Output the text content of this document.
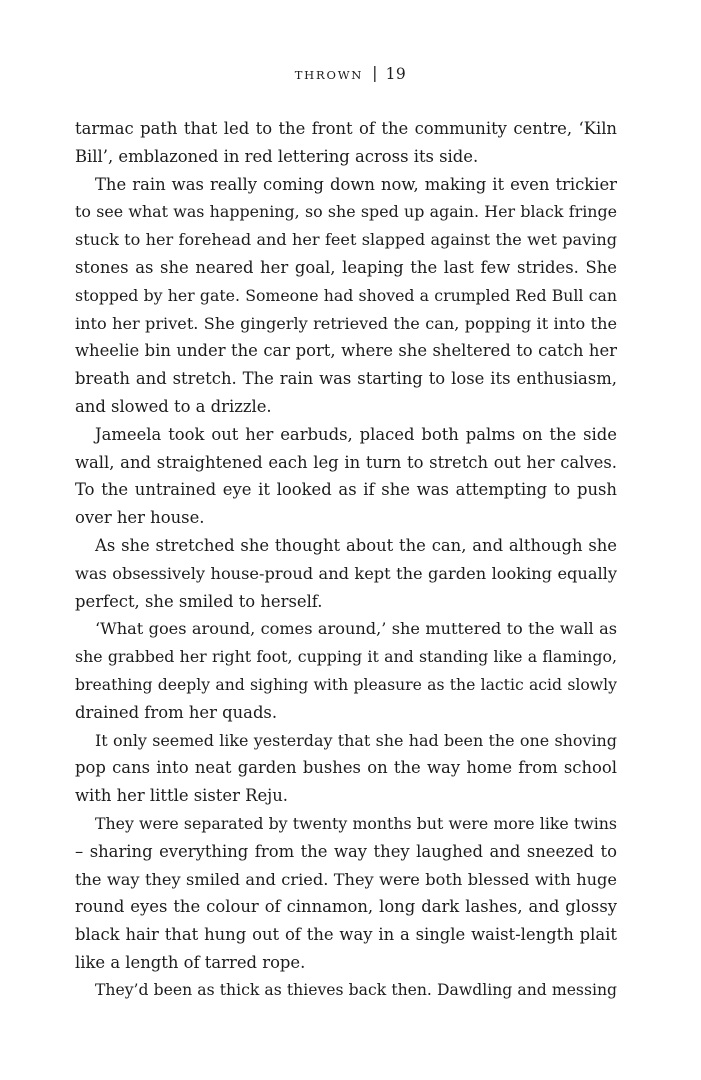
THROWN | 19
tarmac path that led to the front of the community centre, ‘Kiln
Bill’, emblazoned in red lettering across its side.
The rain was really coming down now, making it even trickier
to see what was happening, so she sped up again. Her black fringe
stuck to her forehead and her feet slapped against the wet paving
stones as she neared her goal, leaping the last few strides. She
stopped by her gate. Someone had shoved a crumpled Red Bull can
into her privet. She gingerly retrieved the can, popping it into the
wheelie bin under the car port, where she sheltered to catch her
breath and stretch. The rain was starting to lose its enthusiasm,
and slowed to a drizzle.
Jameela took out her earbuds, placed both palms on the side
wall, and straightened each leg in turn to stretch out her calves.
To the untrained eye it looked as if she was attempting to push
over her house.
As she stretched she thought about the can, and although she
was obsessively house-proud and kept the garden looking equally
perfect, she smiled to herself.
‘What goes around, comes around,’ she muttered to the wall as
she grabbed her right foot, cupping it and standing like a flamingo,
breathing deeply and sighing with pleasure as the lactic acid slowly
drained from her quads.
It only seemed like yesterday that she had been the one shoving
pop cans into neat garden bushes on the way home from school
with her little sister Reju.
They were separated by twenty months but were more like twins
– sharing everything from the way they laughed and sneezed to
the way they smiled and cried. They were both blessed with huge
round eyes the colour of cinnamon, long dark lashes, and glossy
black hair that hung out of the way in a single waist-length plait
like a length of tarred rope.
They’d been as thick as thieves back then. Dawdling and messing
